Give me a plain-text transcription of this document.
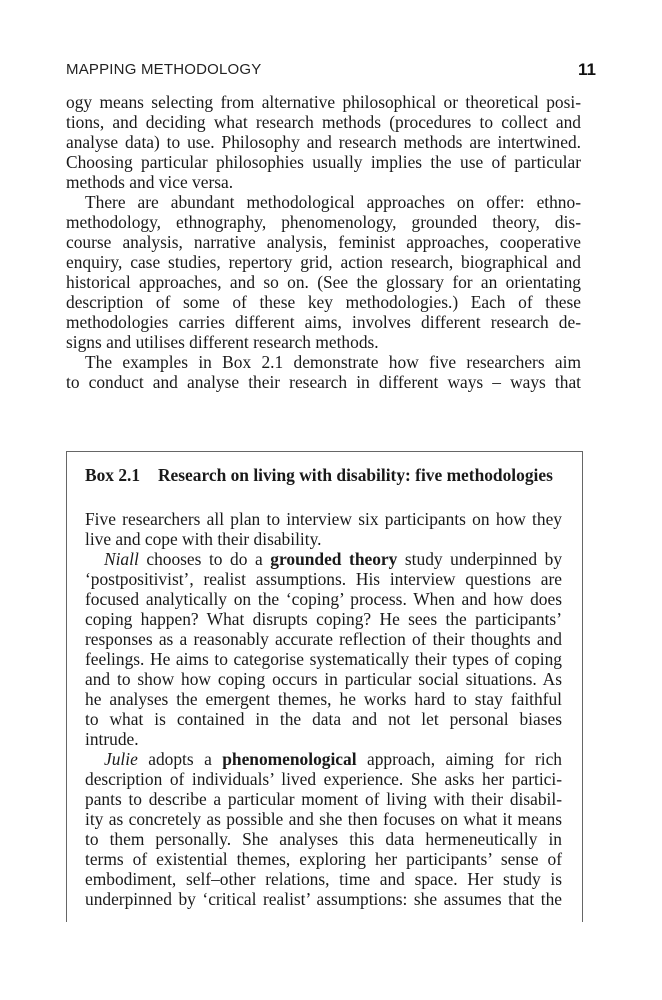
MAPPING METHODOLOGY	11
ogy means selecting from alternative philosophical or theoretical posi-
tions, and deciding what research methods (procedures to collect and
analyse data) to use. Philosophy and research methods are intertwined.
Choosing particular philosophies usually implies the use of particular
methods and vice versa.
There are abundant methodological approaches on offer: ethno-
methodology, ethnography, phenomenology, grounded theory, dis-
course analysis, narrative analysis, feminist approaches, cooperative
enquiry, case studies, repertory grid, action research, biographical and
historical approaches, and so on. (See the glossary for an orientating
description of some of these key methodologies.) Each of these
methodologies carries different aims, involves different research de-
signs and utilises different research methods.
The examples in Box 2.1 demonstrate how five researchers aim
to conduct and analyse their research in different ways – ways that
Box 2.1 Research on living with disability: five methodologies
Five researchers all plan to interview six participants on how they
live and cope with their disability.
Niall chooses to do a grounded theory study underpinned by
‘postpositivist’, realist assumptions. His interview questions are
focused analytically on the ‘coping’ process. When and how does
coping happen? What disrupts coping? He sees the participants’
responses as a reasonably accurate reflection of their thoughts and
feelings. He aims to categorise systematically their types of coping
and to show how coping occurs in particular social situations. As
he analyses the emergent themes, he works hard to stay faithful
to what is contained in the data and not let personal biases
intrude.
Julie adopts a phenomenological approach, aiming for rich
description of individuals’ lived experience. She asks her partici-
pants to describe a particular moment of living with their disabil-
ity as concretely as possible and she then focuses on what it means
to them personally. She analyses this data hermeneutically in
terms of existential themes, exploring her participants’ sense of
embodiment, self–other relations, time and space. Her study is
underpinned by ‘critical realist’ assumptions: she assumes that the
